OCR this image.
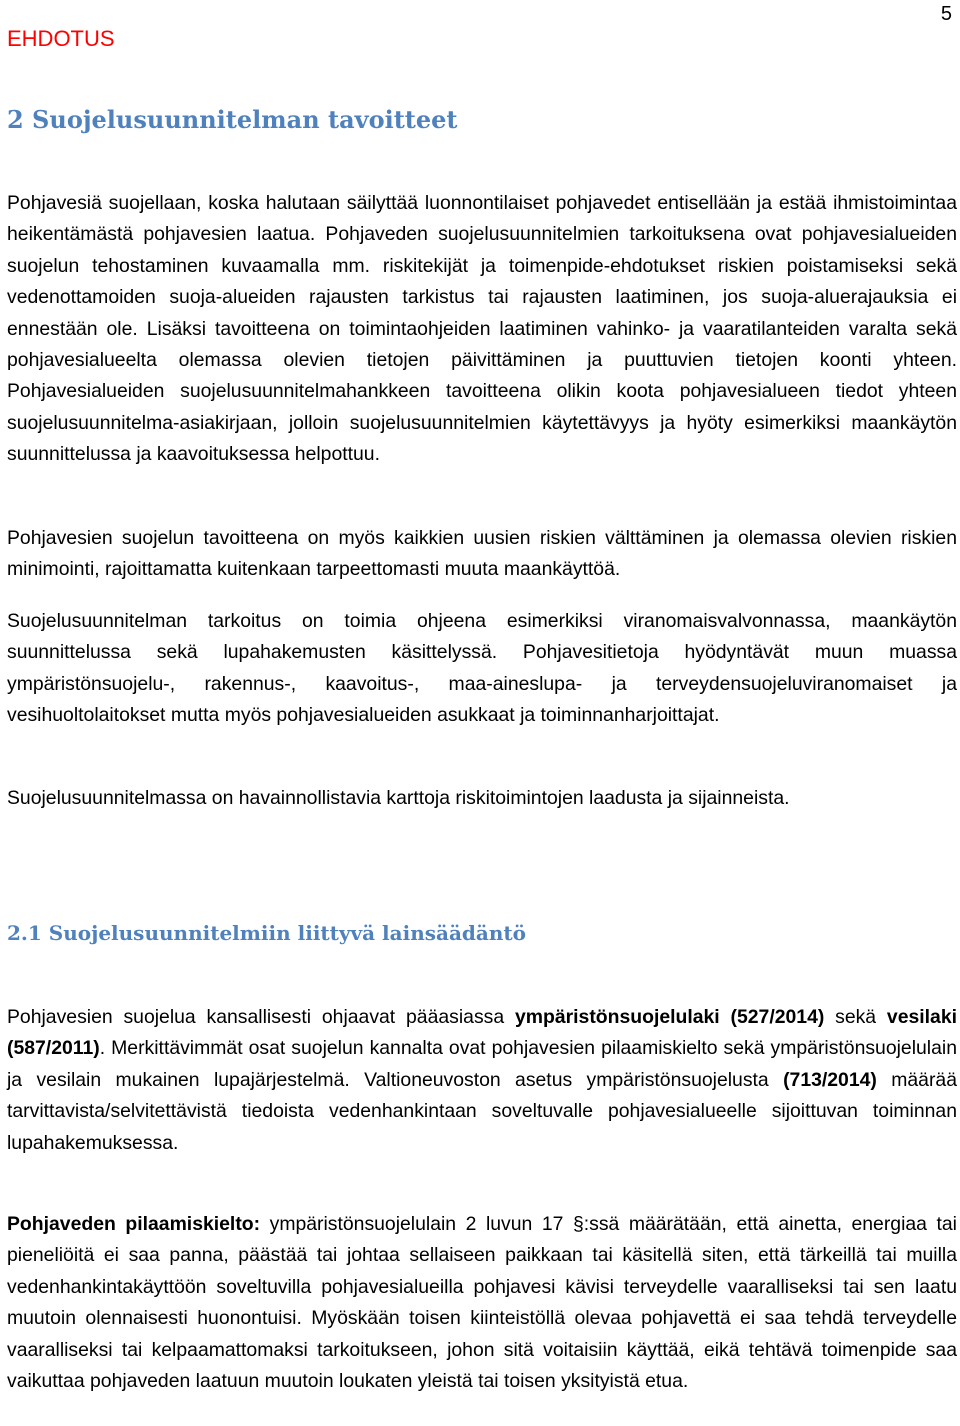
EHDOTUS
5
2 Suojelusuunnitelman tavoitteet

Pohjavesiä suojellaan, koska halutaan säilyttää luonnontilaiset pohjavedet entisellään ja estää ihmistoimintaa heikentämästä pohjavesien laatua. Pohjaveden suojelusuunnitelmien tarkoituksena ovat pohjavesialueiden suojelun tehostaminen kuvaamalla mm. riskitekijät ja toimenpide-ehdotukset riskien poistamiseksi sekä vedenottamoiden suoja-alueiden rajausten tarkistus tai rajausten laatiminen, jos suoja-aluerajauksia ei ennestään ole. Lisäksi tavoitteena on toimintaohjeiden laatiminen vahinko- ja vaaratilanteiden varalta sekä pohjavesialueelta olemassa olevien tietojen päivittäminen ja puuttuvien tietojen koonti yhteen. Pohjavesialueiden suojelusuunnitelmahankkeen tavoitteena olikin koota pohjavesialueen tiedot yhteen suojelusuunnitelma-asiakirjaan, jolloin suojelusuunnitelmien käytettävyys ja hyöty esimerkiksi maankäytön suunnittelussa ja kaavoituksessa helpottuu.

Pohjavesien suojelun tavoitteena on myös kaikkien uusien riskien välttäminen ja olemassa olevien riskien minimointi, rajoittamatta kuitenkaan tarpeettomasti muuta maankäyttöä.

Suojelusuunnitelman tarkoitus on toimia ohjeena esimerkiksi viranomaisvalvonnassa, maankäytön suunnittelussa sekä lupahakemusten käsittelyssä. Pohjavesitietoja hyödyntävät muun muassa ympäristönsuojelu-, rakennus-, kaavoitus-, maa-aineslupa- ja terveydensuojeluviranomaiset ja vesihuoltolaitokset mutta myös pohjavesialueiden asukkaat ja toiminnanharjoittajat.

Suojelusuunnitelmassa on havainnollistavia karttoja riskitoimintojen laadusta ja sijainneista.

2.1 Suojelusuunnitelmiin liittyvä lainsäädäntö

Pohjavesien suojelua kansallisesti ohjaavat pääasiassa ympäristönsuojelulaki (527/2014) sekä vesilaki (587/2011). Merkittävimmät osat suojelun kannalta ovat pohjavesien pilaamiskielto sekä ympäristönsuojelulain ja vesilain mukainen lupajärjestelmä. Valtioneuvoston asetus ympäristönsuojelusta (713/2014) määrää tarvittavista/selvitettävistä tiedoista vedenhankintaan soveltuvalle pohjavesialueelle sijoittuvan toiminnan lupahakemuksessa.

Pohjaveden pilaamiskielto: ympäristönsuojelulain 2 luvun 17 §:ssä määrätään, että ainetta, energiaa tai pieneliöitä ei saa panna, päästää tai johtaa sellaiseen paikkaan tai käsitellä siten, että tärkeillä tai muilla vedenhankintakäyttöön soveltuvilla pohjavesialueilla pohjavesi kävisi terveydelle vaaralliseksi tai sen laatu muutoin olennaisesti huonontuisi. Myöskään toisen kiinteistöllä olevaa pohjavettä ei saa tehdä terveydelle vaaralliseksi tai kelpaamattomaksi tarkoitukseen, johon sitä voitaisiin käyttää, eikä tehtävä toimenpide saa vaikuttaa pohjaveden laatuun muutoin loukaten yleistä tai toisen yksityistä etua.
